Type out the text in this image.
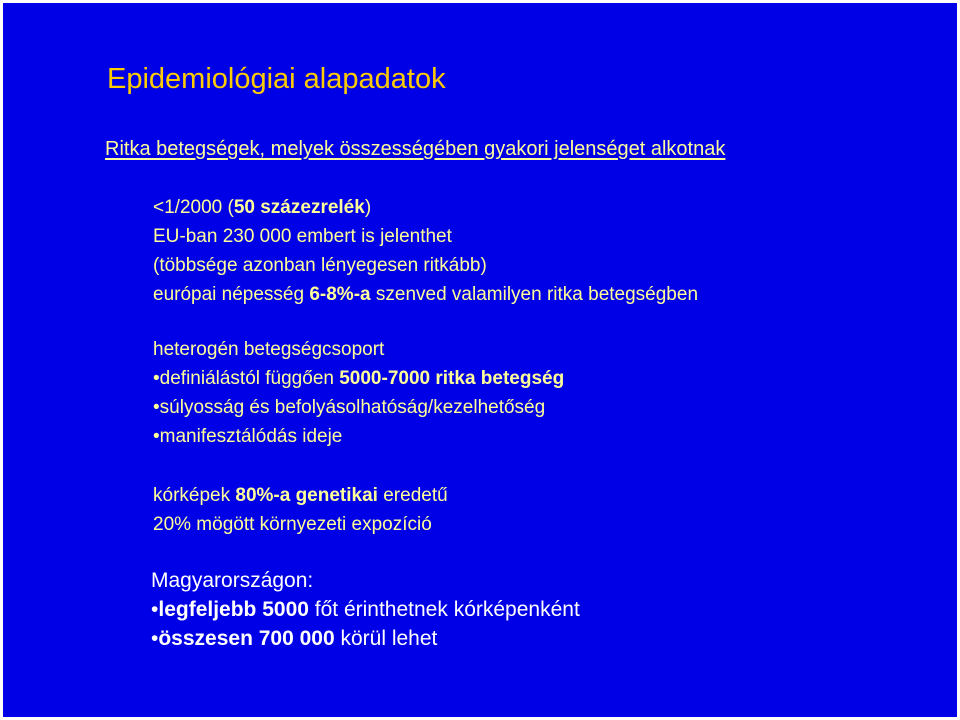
Epidemiológiai alapadatok

Ritka betegségek, melyek összességében gyakori jelenséget alkotnak

<1/2000 (50 százezrelék)
EU-ban 230 000 embert is jelenthet
(többsége azonban lényegesen ritkább)
európai népesség 6-8%-a szenved valamilyen ritka betegségben
heterogén betegségcsoport
•definiálástól függően 5000-7000 ritka betegség
•súlyosság és befolyásolhatóság/kezelhetőség
•manifesztálódás ideje
kórképek 80%-a genetikai eredetű
20% mögött környezeti expozíció
Magyarországon:
•legfeljebb 5000 főt érinthetnek kórképenként
•összesen 700 000 körül lehet
